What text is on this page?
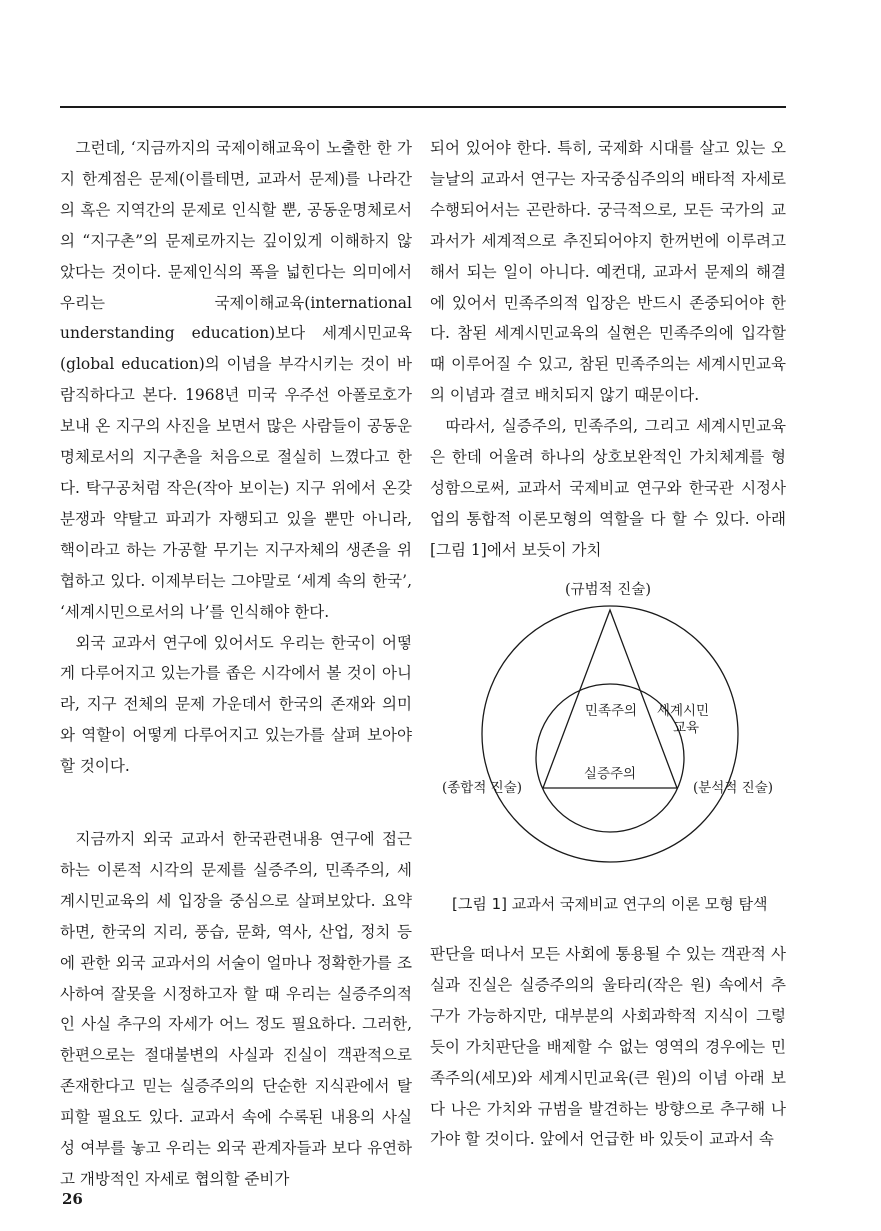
그런데, ‘지금까지의 국제이해교육이 노출한 한 가지 한계점은 문제(이를테면, 교과서 문제)를 나라간의 혹은 지역간의 문제로 인식할 뿐, 공동운명체로서의 “지구촌”의 문제로까지는 깊이있게 이해하지 않았다는 것이다. 문제인식의 폭을 넓힌다는 의미에서 우리는 국제이해교육(international understanding education)보다 세계시민교육(global education)의 이념을 부각시키는 것이 바람직하다고 본다. 1968년 미국 우주선 아폴로호가 보내 온 지구의 사진을 보면서 많은 사람들이 공동운명체로서의 지구촌을 처음으로 절실히 느꼈다고 한다. 탁구공처럼 작은(작아 보이는) 지구 위에서 온갖 분쟁과 약탈고 파괴가 자행되고 있을 뿐만 아니라, 핵이라고 하는 가공할 무기는 지구자체의 생존을 위협하고 있다. 이제부터는 그야말로 ‘세계 속의 한국’, ‘세계시민으로서의 나’를 인식해야 한다.

외국 교과서 연구에 있어서도 우리는 한국이 어떻게 다루어지고 있는가를 좁은 시각에서 볼 것이 아니라, 지구 전체의 문제 가운데서 한국의 존재와 의미와 역할이 어떻게 다루어지고 있는가를 살펴 보아야 할 것이다.

지금까지 외국 교과서 한국관련내용 연구에 접근하는 이론적 시각의 문제를 실증주의, 민족주의, 세계시민교육의 세 입장을 중심으로 살펴보았다. 요약하면, 한국의 지리, 풍습, 문화, 역사, 산업, 정치 등에 관한 외국 교과서의 서술이 얼마나 정확한가를 조사하여 잘못을 시정하고자 할 때 우리는 실증주의적인 사실 추구의 자세가 어느 정도 필요하다. 그러한, 한편으로는 절대불변의 사실과 진실이 객관적으로 존재한다고 믿는 실증주의의 단순한 지식관에서 탈피할 필요도 있다. 교과서 속에 수록된 내용의 사실성 여부를 놓고 우리는 외국 관계자들과 보다 유연하고 개방적인 자세로 협의할 준비가

되어 있어야 한다. 특히, 국제화 시대를 살고 있는 오늘날의 교과서 연구는 자국중심주의의 배타적 자세로 수행되어서는 곤란하다. 궁극적으로, 모든 국가의 교과서가 세계적으로 추진되어야지 한꺼번에 이루려고 해서 되는 일이 아니다. 예컨대, 교과서 문제의 해결에 있어서 민족주의적 입장은 반드시 존중되어야 한다. 참된 세계시민교육의 실현은 민족주의에 입각할 때 이루어질 수 있고, 참된 민족주의는 세계시민교육의 이념과 결코 배치되지 않기 때문이다.

따라서, 실증주의, 민족주의, 그리고 세계시민교육은 한데 어울려 하나의 상호보완적인 가치체계를 형성함으로써, 교과서 국제비교 연구와 한국관 시정사업의 통합적 이론모형의 역할을 다 할 수 있다. 아래 [그림 1]에서 보듯이 가치

(규범적 진술)
민족주의 세계시민
교육
실증주의
(종합적 진술)	(분석적 진술)
[그림 1] 교과서 국제비교 연구의 이론 모형 탐색

판단을 떠나서 모든 사회에 통용될 수 있는 객관적 사실과 진실은 실증주의의 울타리(작은 원) 속에서 추구가 가능하지만, 대부분의 사회과학적 지식이 그렇듯이 가치판단을 배제할 수 없는 영역의 경우에는 민족주의(세모)와 세계시민교육(큰 원)의 이념 아래 보다 나은 가치와 규범을 발견하는 방향으로 추구해 나가야 할 것이다. 앞에서 언급한 바 있듯이 교과서 속

26
